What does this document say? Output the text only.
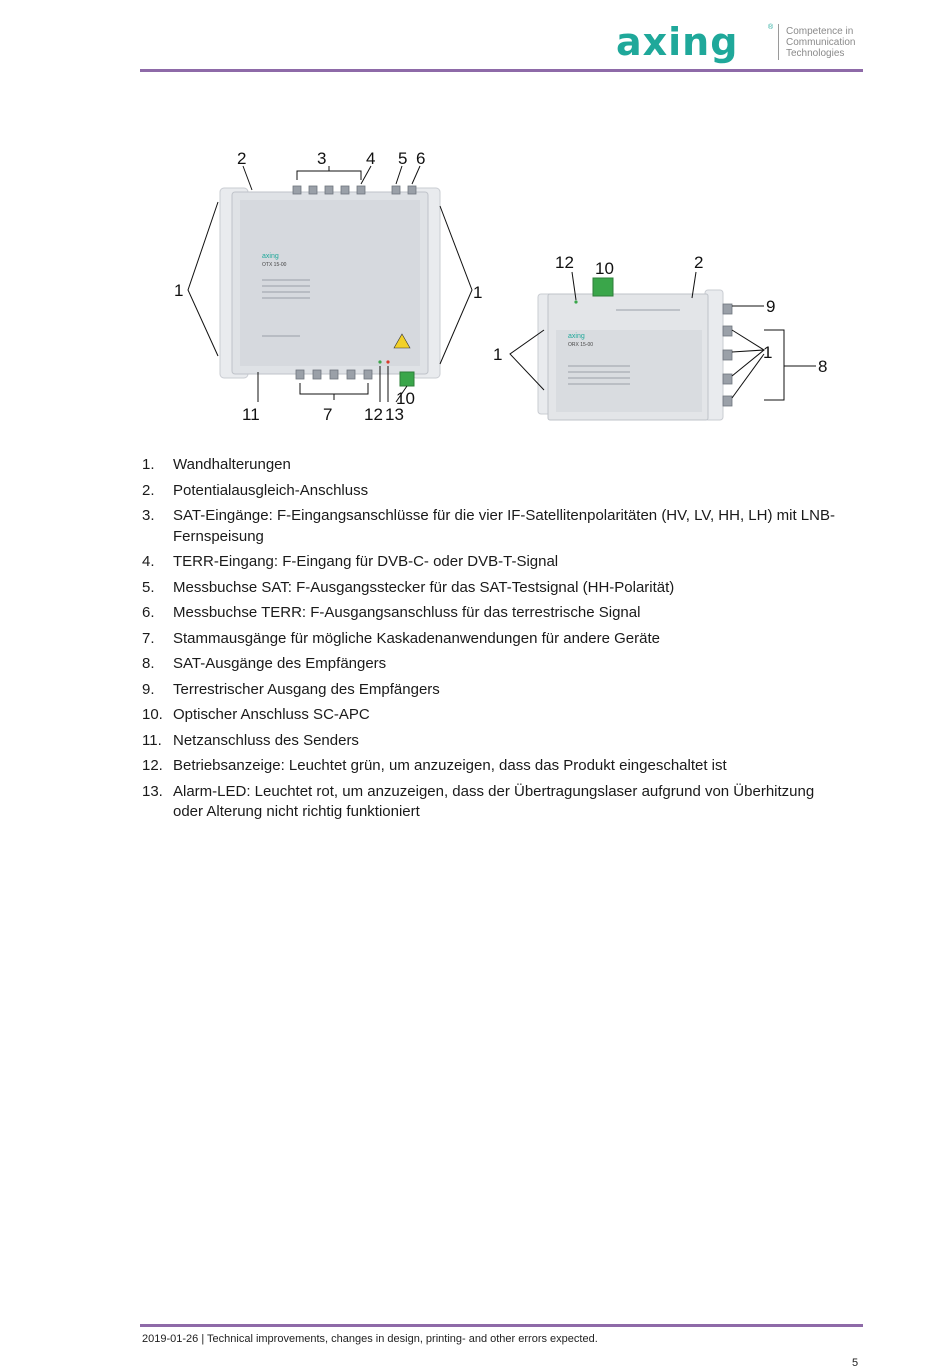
axing	® Competence in
Communication
Technologies
axing
OTX 15-00
2	3 4 5 6
1	1
11	7 12 13
10
axing
ORX 15-00
12 10	2
9
1	1
8
1. Wandhalterungen
2. Potentialausgleich-Anschluss
3. SAT-Eingänge: F-Eingangsanschlüsse für die vier IF-Satellitenpolaritäten (HV, LV, HH, LH) mit LNB-Fernspeisung
4. TERR-Eingang: F-Eingang für DVB-C- oder DVB-T-Signal
5. Messbuchse SAT: F-Ausgangsstecker für das SAT-Testsignal (HH-Polarität)
6. Messbuchse TERR: F-Ausgangsanschluss für das terrestrische Signal
7. Stammausgänge für mögliche Kaskadenanwendungen für andere Geräte
8. SAT-Ausgänge des Empfängers
9. Terrestrischer Ausgang des Empfängers
10. Optischer Anschluss SC-APC
11. Netzanschluss des Senders
12. Betriebsanzeige: Leuchtet grün, um anzuzeigen, dass das Produkt eingeschaltet ist
13. Alarm-LED: Leuchtet rot, um anzuzeigen, dass der Übertragungslaser aufgrund von Überhitzung oder Alterung nicht richtig funktioniert
2019-01-26 | Technical improvements, changes in design, printing- and other errors expected.
5
